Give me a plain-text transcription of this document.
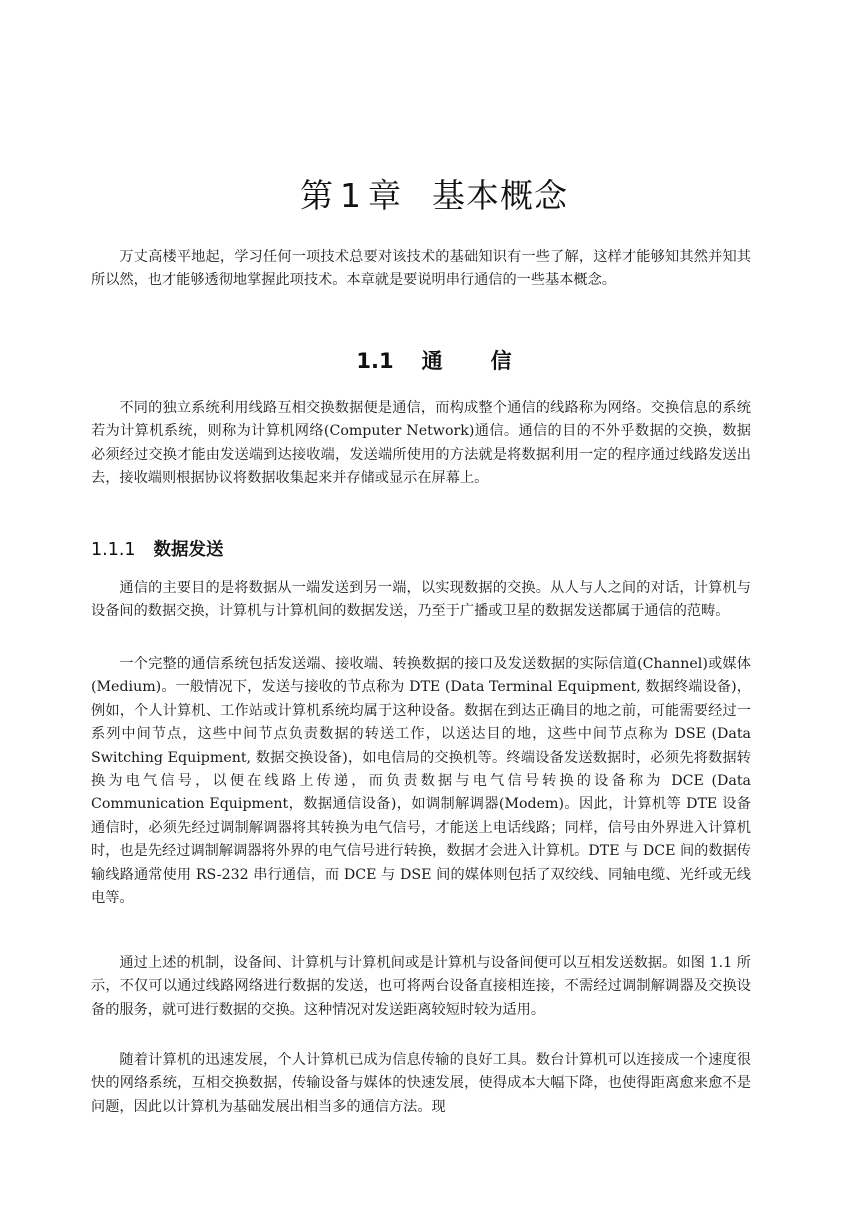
第 1 章 基本概念

万丈高楼平地起，学习任何一项技术总要对该技术的基础知识有一些了解，这样才能够知其然并知其所以然，也才能够透彻地掌握此项技术。本章就是要说明串行通信的一些基本概念。

1.1 通 信

不同的独立系统利用线路互相交换数据便是通信，而构成整个通信的线路称为网络。交换信息的系统若为计算机系统，则称为计算机网络(Computer Network)通信。通信的目的不外乎数据的交换，数据必须经过交换才能由发送端到达接收端，发送端所使用的方法就是将数据利用一定的程序通过线路发送出去，接收端则根据协议将数据收集起来并存储或显示在屏幕上。

1.1.1 数据发送

通信的主要目的是将数据从一端发送到另一端，以实现数据的交换。从人与人之间的对话，计算机与设备间的数据交换，计算机与计算机间的数据发送，乃至于广播或卫星的数据发送都属于通信的范畴。

一个完整的通信系统包括发送端、接收端、转换数据的接口及发送数据的实际信道(Channel)或媒体(Medium)。一般情况下，发送与接收的节点称为 DTE (Data Terminal Equipment, 数据终端设备)，例如，个人计算机、工作站或计算机系统均属于这种设备。数据在到达正确目的地之前，可能需要经过一系列中间节点，这些中间节点负责数据的转送工作，以送达目的地，这些中间节点称为 DSE (Data Switching Equipment, 数据交换设备)，如电信局的交换机等。终端设备发送数据时，必须先将数据转换为电气信号，以便在线路上传递，而负责数据与电气信号转换的设备称为 DCE (Data Communication Equipment，数据通信设备)，如调制解调器(Modem)。因此，计算机等 DTE 设备通信时，必须先经过调制解调器将其转换为电气信号，才能送上电话线路；同样，信号由外界进入计算机时，也是先经过调制解调器将外界的电气信号进行转换，数据才会进入计算机。DTE 与 DCE 间的数据传输线路通常使用 RS-232 串行通信，而 DCE 与 DSE 间的媒体则包括了双绞线、同轴电缆、光纤或无线电等。

通过上述的机制，设备间、计算机与计算机间或是计算机与设备间便可以互相发送数据。如图 1.1 所示，不仅可以通过线路网络进行数据的发送，也可将两台设备直接相连接，不需经过调制解调器及交换设备的服务，就可进行数据的交换。这种情况对发送距离较短时较为适用。

随着计算机的迅速发展，个人计算机已成为信息传输的良好工具。数台计算机可以连接成一个速度很快的网络系统，互相交换数据，传输设备与媒体的快速发展，使得成本大幅下降，也使得距离愈来愈不是问题，因此以计算机为基础发展出相当多的通信方法。现
